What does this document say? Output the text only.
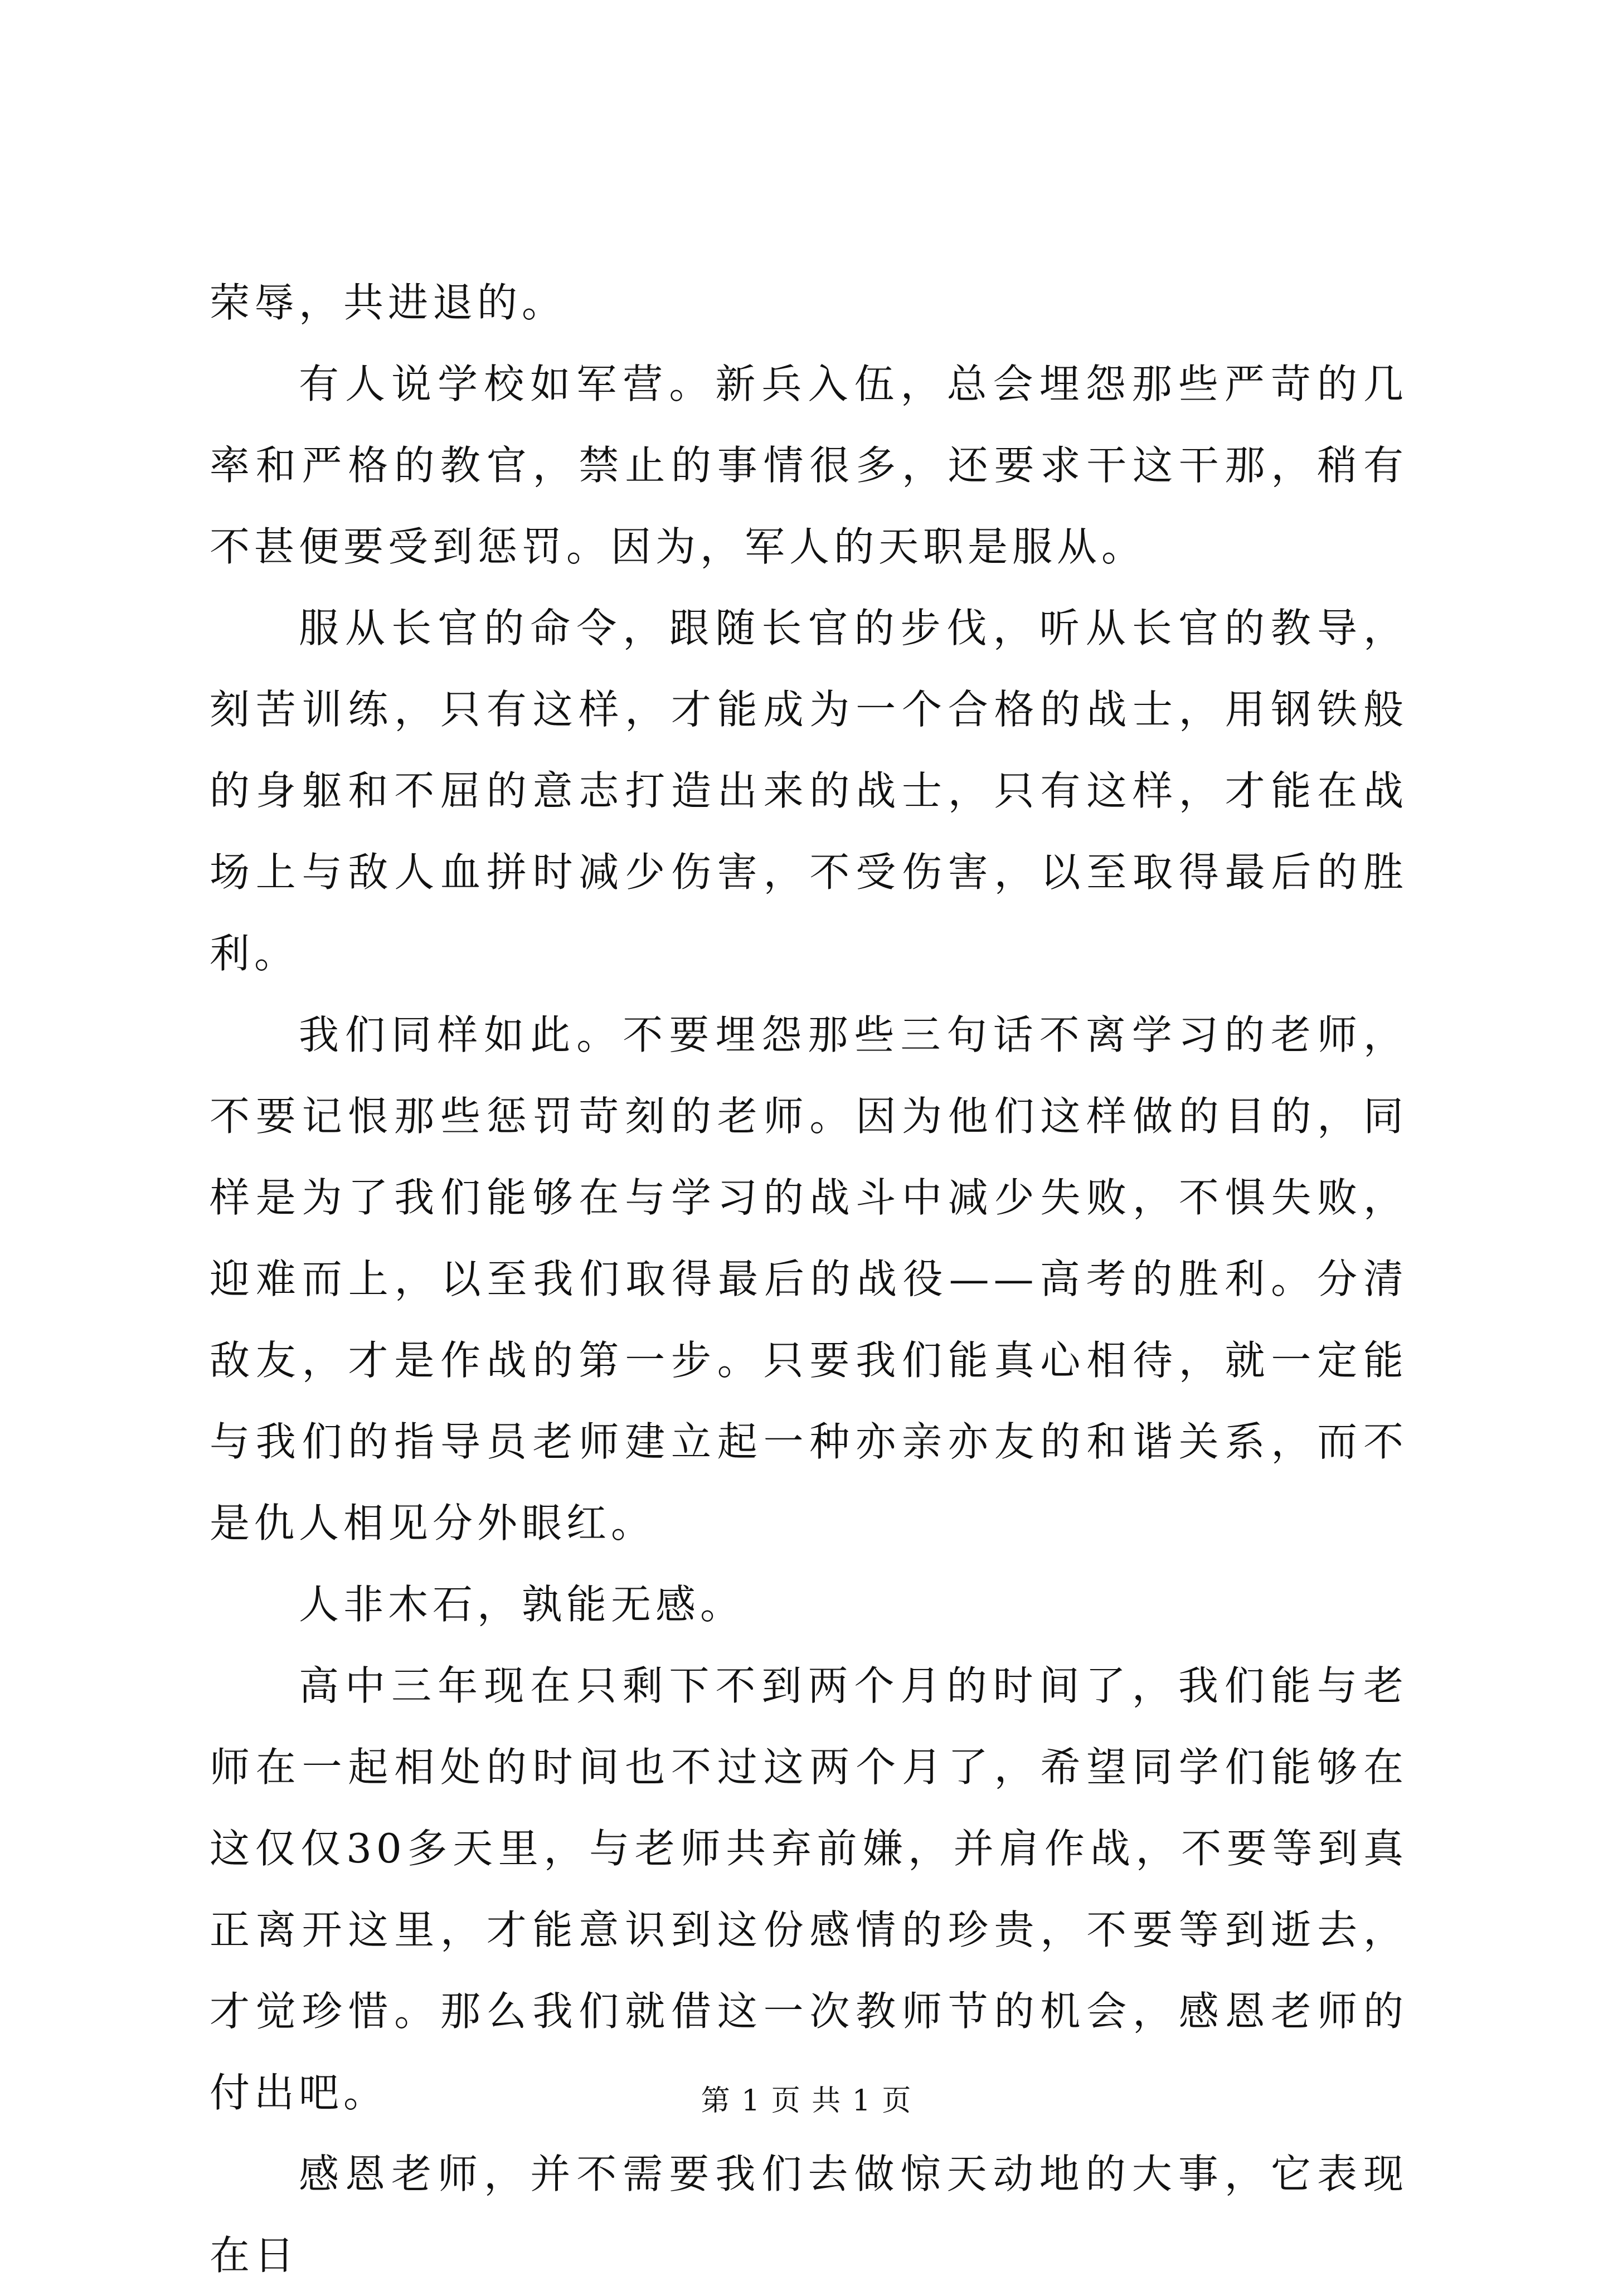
荣辱，共进退的。

有人说学校如军营。新兵入伍，总会埋怨那些严苛的几率和严格的教官，禁止的事情很多，还要求干这干那，稍有不甚便要受到惩罚。因为，军人的天职是服从。

服从长官的命令，跟随长官的步伐，听从长官的教导，刻苦训练，只有这样，才能成为一个合格的战士，用钢铁般的身躯和不屈的意志打造出来的战士，只有这样，才能在战场上与敌人血拼时减少伤害，不受伤害，以至取得最后的胜利。

我们同样如此。不要埋怨那些三句话不离学习的老师，不要记恨那些惩罚苛刻的老师。因为他们这样做的目的，同样是为了我们能够在与学习的战斗中减少失败，不惧失败，迎难而上，以至我们取得最后的战役——高考的胜利。分清敌友，才是作战的第一步。只要我们能真心相待，就一定能与我们的指导员老师建立起一种亦亲亦友的和谐关系，而不是仇人相见分外眼红。

人非木石，孰能无感。

高中三年现在只剩下不到两个月的时间了，我们能与老师在一起相处的时间也不过这两个月了，希望同学们能够在这仅仅30多天里，与老师共弃前嫌，并肩作战，不要等到真正离开这里，才能意识到这份感情的珍贵，不要等到逝去，才觉珍惜。那么我们就借这一次教师节的机会，感恩老师的付出吧。

感恩老师，并不需要我们去做惊天动地的大事，它表现在日

第 1 页 共 1 页
